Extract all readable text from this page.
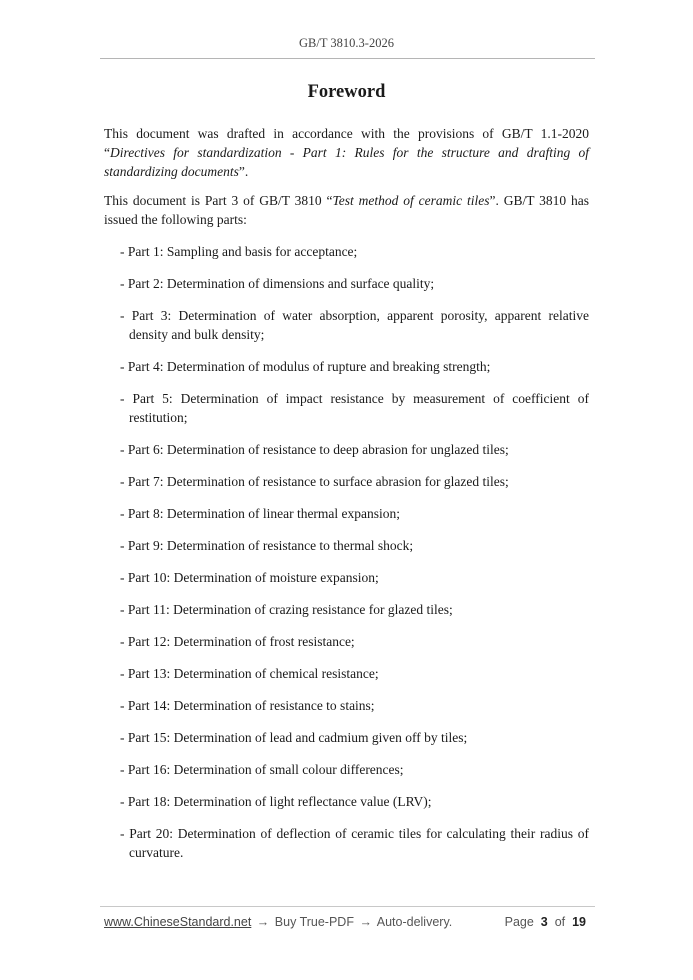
GB/T 3810.3-2026
Foreword

This document was drafted in accordance with the provisions of GB/T 1.1-2020 “Directives for standardization - Part 1: Rules for the structure and drafting of standardizing documents”.

This document is Part 3 of GB/T 3810 “Test method of ceramic tiles”. GB/T 3810 has issued the following parts:

- Part 1: Sampling and basis for acceptance;
- Part 2: Determination of dimensions and surface quality;
- Part 3: Determination of water absorption, apparent porosity, apparent relative density and bulk density;
- Part 4: Determination of modulus of rupture and breaking strength;
- Part 5: Determination of impact resistance by measurement of coefficient of restitution;
- Part 6: Determination of resistance to deep abrasion for unglazed tiles;
- Part 7: Determination of resistance to surface abrasion for glazed tiles;
- Part 8: Determination of linear thermal expansion;
- Part 9: Determination of resistance to thermal shock;
- Part 10: Determination of moisture expansion;
- Part 11: Determination of crazing resistance for glazed tiles;
- Part 12: Determination of frost resistance;
- Part 13: Determination of chemical resistance;
- Part 14: Determination of resistance to stains;
- Part 15: Determination of lead and cadmium given off by tiles;
- Part 16: Determination of small colour differences;
- Part 18: Determination of light reflectance value (LRV);
- Part 20: Determination of deflection of ceramic tiles for calculating their radius of curvature.
www.ChineseStandard.net → Buy True-PDF → Auto-delivery.	Page 3 of 19
